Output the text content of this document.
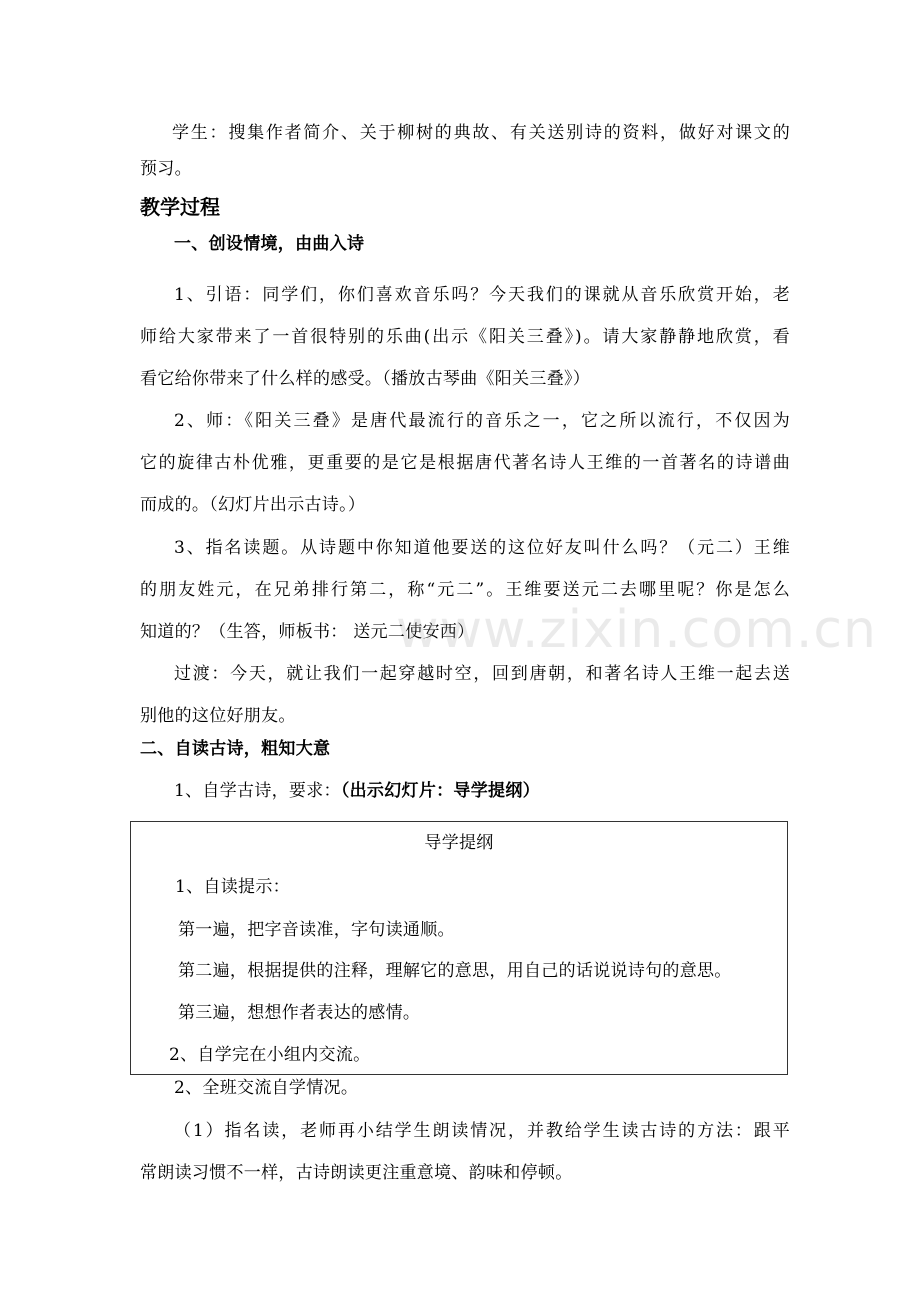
学生：搜集作者简介、关于柳树的典故、有关送别诗的资料，做好对课文的
预习。
教学过程
一、创设情境，由曲入诗
1、引语：同学们，你们喜欢音乐吗？今天我们的课就从音乐欣赏开始，老
师给大家带来了一首很特别的乐曲(出示《阳关三叠》)。请大家静静地欣赏，看
看它给你带来了什么样的感受。（播放古琴曲《阳关三叠》）
2、师：《阳关三叠》是唐代最流行的音乐之一，它之所以流行，不仅因为
它的旋律古朴优雅，更重要的是它是根据唐代著名诗人王维的一首著名的诗谱曲
而成的。（幻灯片出示古诗。）
3、指名读题。从诗题中你知道他要送的这位好友叫什么吗？（元二）王维
的朋友姓元，在兄弟排行第二，称“元二”。王维要送元二去哪里呢？你是怎么
知道的？（生答，师板书： 送元二使安西）
过渡：今天，就让我们一起穿越时空，回到唐朝，和著名诗人王维一起去送
别他的这位好朋友。
二、自读古诗，粗知大意
1、自学古诗，要求：（出示幻灯片：导学提纲）
导学提纲
1、自读提示：
第一遍，把字音读准，字句读通顺。
第二遍，根据提供的注释，理解它的意思，用自己的话说说诗句的意思。
第三遍，想想作者表达的感情。
2、自学完在小组内交流。
2、全班交流自学情况。
（1）指名读，老师再小结学生朗读情况，并教给学生读古诗的方法：跟平
常朗读习惯不一样，古诗朗读更注重意境、韵味和停顿。
www.zixin.com.cn
